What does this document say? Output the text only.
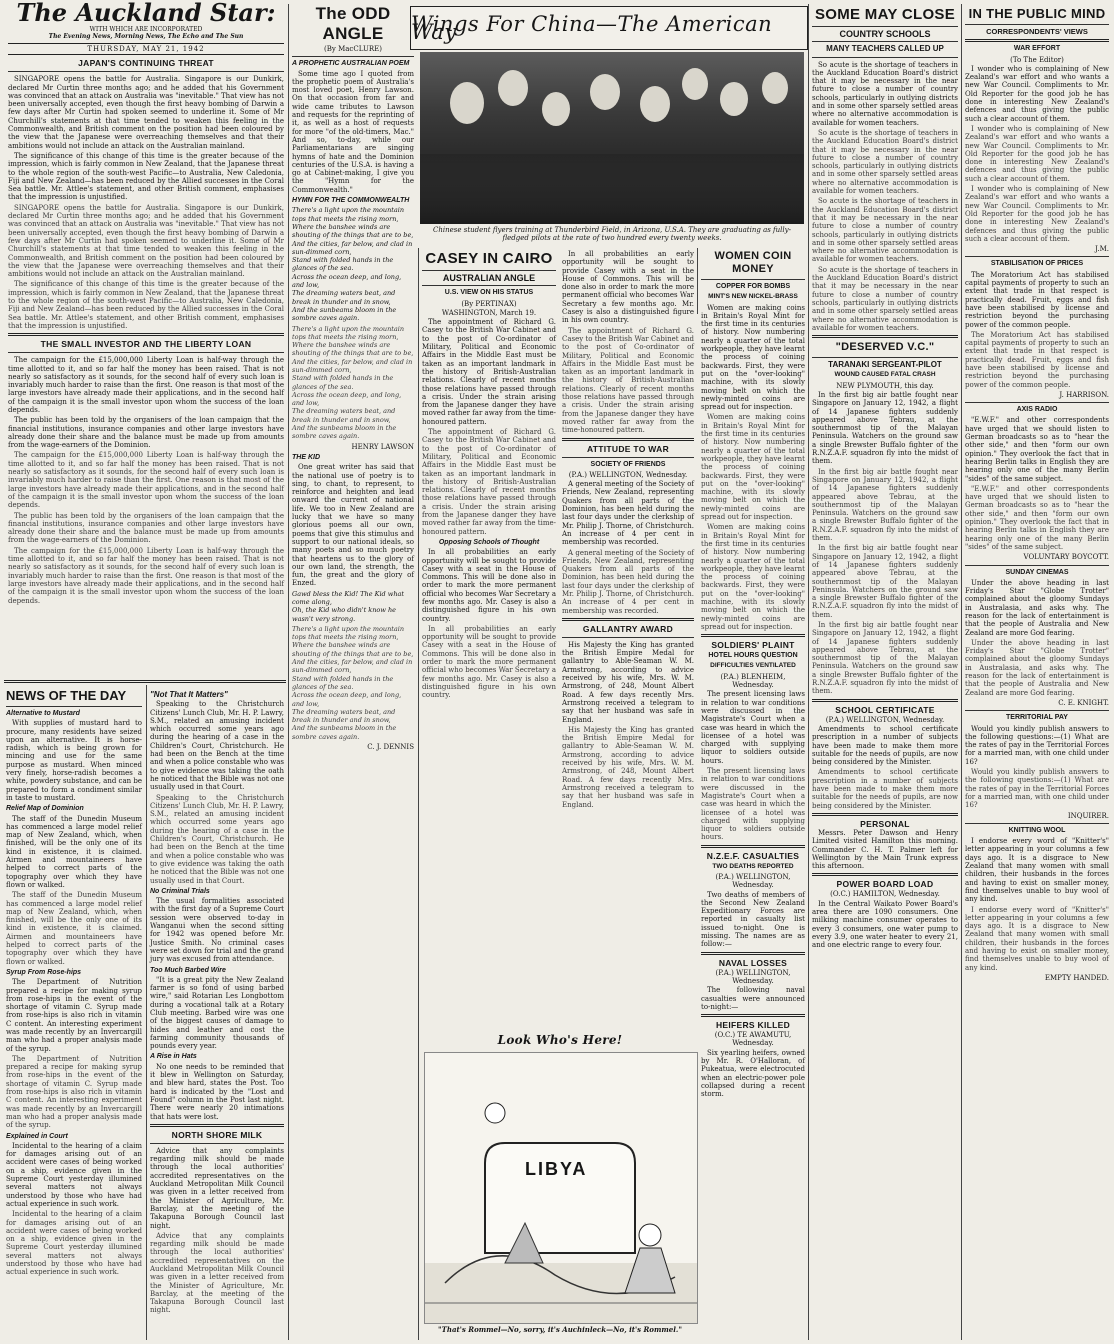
The Auckland Star:
WITH WHICH ARE INCORPORATED
The Evening News, Morning News, The Echo and The Sun
THURSDAY, MAY 21, 1942
JAPAN'S CONTINUING THREAT

SINGAPORE opens the battle for Australia. Singapore is our Dunkirk, declared Mr Curtin three months ago; and he added that his Government was convinced that an attack on Australia was "inevitable." That view has not been universally accepted, even though the first heavy bombing of Darwin a few days after Mr Curtin had spoken seemed to underline it. Some of Mr Churchill's statements at that time tended to weaken this feeling in the Commonwealth, and British comment on the position had been coloured by the view that the Japanese were overreaching themselves and that their ambitions would not include an attack on the Australian mainland.

The significance of this change of this time is the greater because of the impression, which is fairly common in New Zealand, that the Japanese threat to the whole region of the south-west Pacific—to Australia, New Caledonia, Fiji and New Zealand—has been reduced by the Allied successes in the Coral Sea battle. Mr. Attlee's statement, and other British comment, emphasises that the impression is unjustified.

SINGAPORE opens the battle for Australia. Singapore is our Dunkirk, declared Mr Curtin three months ago; and he added that his Government was convinced that an attack on Australia was "inevitable." That view has not been universally accepted, even though the first heavy bombing of Darwin a few days after Mr Curtin had spoken seemed to underline it. Some of Mr Churchill's statements at that time tended to weaken this feeling in the Commonwealth, and British comment on the position had been coloured by the view that the Japanese were overreaching themselves and that their ambitions would not include an attack on the Australian mainland.

The significance of this change of this time is the greater because of the impression, which is fairly common in New Zealand, that the Japanese threat to the whole region of the south-west Pacific—to Australia, New Caledonia, Fiji and New Zealand—has been reduced by the Allied successes in the Coral Sea battle. Mr. Attlee's statement, and other British comment, emphasises that the impression is unjustified.

THE SMALL INVESTOR AND THE LIBERTY LOAN

The campaign for the £15,000,000 Liberty Loan is half-way through the time allotted to it, and so far half the money has been raised. That is not nearly so satisfactory as it sounds, for the second half of every such loan is invariably much harder to raise than the first. One reason is that most of the large investors have already made their applications, and in the second half of the campaign it is the small investor upon whom the success of the loan depends.

The public has been told by the organisers of the loan campaign that the financial institutions, insurance companies and other large investors have already done their share and the balance must be made up from amounts from the wage-earners of the Dominion.

The campaign for the £15,000,000 Liberty Loan is half-way through the time allotted to it, and so far half the money has been raised. That is not nearly so satisfactory as it sounds, for the second half of every such loan is invariably much harder to raise than the first. One reason is that most of the large investors have already made their applications, and in the second half of the campaign it is the small investor upon whom the success of the loan depends.

The public has been told by the organisers of the loan campaign that the financial institutions, insurance companies and other large investors have already done their share and the balance must be made up from amounts from the wage-earners of the Dominion.

The campaign for the £15,000,000 Liberty Loan is half-way through the time allotted to it, and so far half the money has been raised. That is not nearly so satisfactory as it sounds, for the second half of every such loan is invariably much harder to raise than the first. One reason is that most of the large investors have already made their applications, and in the second half of the campaign it is the small investor upon whom the success of the loan depends.

NEWS OF THE DAY
Alternative to Mustard

With supplies of mustard hard to procure, many residents have seized upon an alternative. It is horse-radish, which is being grown for mincing and use for the same purpose as mustard. When minced very finely, horse-radish becomes a white, powdery substance, and can be prepared to form a condiment similar in taste to mustard.

Relief Map of Dominion

The staff of the Dunedin Museum has commenced a large model relief map of New Zealand, which, when finished, will be the only one of its kind in existence, it is claimed. Airmen and mountaineers have helped to correct parts of the topography over which they have flown or walked.

The staff of the Dunedin Museum has commenced a large model relief map of New Zealand, which, when finished, will be the only one of its kind in existence, it is claimed. Airmen and mountaineers have helped to correct parts of the topography over which they have flown or walked.

Syrup From Rose-hips

The Department of Nutrition prepared a recipe for making syrup from rose-hips in the event of the shortage of vitamin C. Syrup made from rose-hips is also rich in vitamin C content. An interesting experiment was made recently by an Invercargill man who had a proper analysis made of the syrup.

The Department of Nutrition prepared a recipe for making syrup from rose-hips in the event of the shortage of vitamin C. Syrup made from rose-hips is also rich in vitamin C content. An interesting experiment was made recently by an Invercargill man who had a proper analysis made of the syrup.

Explained in Court

Incidental to the hearing of a claim for damages arising out of an accident were cases of being worked on a ship, evidence given in the Supreme Court yesterday illumined several matters not always understood by those who have had actual experience in such work.

Incidental to the hearing of a claim for damages arising out of an accident were cases of being worked on a ship, evidence given in the Supreme Court yesterday illumined several matters not always understood by those who have had actual experience in such work.

"Not That It Matters"

Speaking to the Christchurch Citizens' Lunch Club, Mr. H. P. Lawry, S.M., related an amusing incident which occurred some years ago during the hearing of a case in the Children's Court, Christchurch. He had been on the Bench at the time and when a police constable who was to give evidence was taking the oath he noticed that the Bible was not one usually used in that Court.

Speaking to the Christchurch Citizens' Lunch Club, Mr. H. P. Lawry, S.M., related an amusing incident which occurred some years ago during the hearing of a case in the Children's Court, Christchurch. He had been on the Bench at the time and when a police constable who was to give evidence was taking the oath he noticed that the Bible was not one usually used in that Court.

No Criminal Trials

The usual formalities associated with the first day of a Supreme Court session were observed to-day in Wanganui when the second sitting for 1942 was opened before Mr. Justice Smith. No criminal cases were set down for trial and the grand jury was excused from attendance.

Too Much Barbed Wire

"It is a great pity the New Zealand farmer is so fond of using barbed wire," said Rotarian Les Longbottom during a vocational talk at a Rotary Club meeting. Barbed wire was one of the biggest causes of damage to hides and leather and cost the farming community thousands of pounds every year.

A Rise in Hats

No one needs to be reminded that it blew in Wellington on Saturday, and blew hard, states the Post. Too hard is indicated by the "Lost and Found" column in the Post last night. There were nearly 20 intimations that hats were lost.

NORTH SHORE MILK

Advice that any complaints regarding milk should be made through the local authorities' accredited representatives on the Auckland Metropolitan Milk Council was given in a letter received from the Minister of Agriculture, Mr. Barclay, at the meeting of the Takapuna Borough Council last night.

Advice that any complaints regarding milk should be made through the local authorities' accredited representatives on the Auckland Metropolitan Milk Council was given in a letter received from the Minister of Agriculture, Mr. Barclay, at the meeting of the Takapuna Borough Council last night.

The ODD ANGLE
(By MacCLURE)
A PROPHETIC AUSTRALIAN POEM

Some time ago I quoted from the prophetic poem of Australia's most loved poet, Henry Lawson. On that occasion from far and wide came tributes to Lawson and requests for the reprinting of it, as well as a host of requests for more "of the old-timers, Mac." And so, to-day, while our Parliamentarians are singing hymns of hate and the Dominion centuries of the U.S.A. is having a go at Cabinet-making, I give you the "Hymn for the Commonwealth."

HYMN FOR THE COMMONWEALTH

There's a light upon the mountain tops that meets the rising morn,
Where the banshee winds are shouting of the things that are to be,
And the cities, far below, and clad in sun-dimmed corn,
Stand with folded hands in the glances of the sea.
Across the ocean deep, and long, and low,
The dreaming waters beat, and break in thunder and in snow,
And the sunbeams bloom in the sombre caves again.

There's a light upon the mountain tops that meets the rising morn,
Where the banshee winds are shouting of the things that are to be,
And the cities, far below, and clad in sun-dimmed corn,
Stand with folded hands in the glances of the sea.
Across the ocean deep, and long, and low,
The dreaming waters beat, and break in thunder and in snow,
And the sunbeams bloom in the sombre caves again.

HENRY LAWSON
THE KID

One great writer has said that the national use of poetry is to sing, to chant, to represent, to reinforce and heighten and lead onward the current of national life. We too in New Zealand are lucky that we have so many glorious poems all our own, poems that give this stimulus and support to our national ideals, so many poets and so much poetry that heartens us to the glory of our own land, the strength, the fun, the great and the glory of Enzed.

Gawd bless the Kid! The Kid what come along,
Oh, the Kid who didn't know he wasn't very strong.

There's a light upon the mountain tops that meets the rising morn,
Where the banshee winds are shouting of the things that are to be,
And the cities, far below, and clad in sun-dimmed corn,
Stand with folded hands in the glances of the sea.
Across the ocean deep, and long, and low,
The dreaming waters beat, and break in thunder and in snow,
And the sunbeams bloom in the sombre caves again.

C. J. DENNIS
Wings For China—The American Way
Chinese student flyers training at Thunderbird Field, in Arizona, U.S.A. They are graduating as fully-fledged pilots at the rate of two hundred every twenty weeks.
CASEY IN CAIRO
AUSTRALIAN ANGLE
U.S. VIEW ON HIS STATUS
(By PERTINAX)
WASHINGTON, March 19.

The appointment of Richard G. Casey to the British War Cabinet and to the post of Co-ordinator of Military, Political and Economic Affairs in the Middle East must be taken as an important landmark in the history of British-Australian relations. Clearly of recent months those relations have passed through a crisis. Under the strain arising from the Japanese danger they have moved rather far away from the time-honoured pattern.

The appointment of Richard G. Casey to the British War Cabinet and to the post of Co-ordinator of Military, Political and Economic Affairs in the Middle East must be taken as an important landmark in the history of British-Australian relations. Clearly of recent months those relations have passed through a crisis. Under the strain arising from the Japanese danger they have moved rather far away from the time-honoured pattern.

Opposing Schools of Thought

In all probabilities an early opportunity will be sought to provide Casey with a seat in the House of Commons. This will be done also in order to mark the more permanent official who becomes War Secretary a few months ago. Mr. Casey is also a distinguished figure in his own country.

In all probabilities an early opportunity will be sought to provide Casey with a seat in the House of Commons. This will be done also in order to mark the more permanent official who becomes War Secretary a few months ago. Mr. Casey is also a distinguished figure in his own country.

In all probabilities an early opportunity will be sought to provide Casey with a seat in the House of Commons. This will be done also in order to mark the more permanent official who becomes War Secretary a few months ago. Mr. Casey is also a distinguished figure in his own country.

The appointment of Richard G. Casey to the British War Cabinet and to the post of Co-ordinator of Military, Political and Economic Affairs in the Middle East must be taken as an important landmark in the history of British-Australian relations. Clearly of recent months those relations have passed through a crisis. Under the strain arising from the Japanese danger they have moved rather far away from the time-honoured pattern.

ATTITUDE TO WAR
SOCIETY OF FRIENDS
(P.A.) WELLINGTON, Wednesday.

A general meeting of the Society of Friends, New Zealand, representing Quakers from all parts of the Dominion, has been held during the last four days under the clerkship of Mr. Philip J. Thorne, of Christchurch. An increase of 4 per cent in membership was recorded.

A general meeting of the Society of Friends, New Zealand, representing Quakers from all parts of the Dominion, has been held during the last four days under the clerkship of Mr. Philip J. Thorne, of Christchurch. An increase of 4 per cent in membership was recorded.

GALLANTRY AWARD

His Majesty the King has granted the British Empire Medal for gallantry to Able-Seaman W. M. Armstrong, according to advice received by his wife, Mrs. W. M. Armstrong, of 248, Mount Albert Road. A few days recently Mrs. Armstrong received a telegram to say that her husband was safe in England.

His Majesty the King has granted the British Empire Medal for gallantry to Able-Seaman W. M. Armstrong, according to advice received by his wife, Mrs. W. M. Armstrong, of 248, Mount Albert Road. A few days recently Mrs. Armstrong received a telegram to say that her husband was safe in England.

Look Who's Here!
LIBYA
"That's Rommel—No, sorry, it's Auchinleck—No, it's Rommel."
WOMEN COIN MONEY
COPPER FOR BOMBS
MINT'S NEW NICKEL-BRASS

Women are making coins in Britain's Royal Mint for the first time in its centuries of history. Now numbering nearly a quarter of the total workpeople, they have learnt the process of coining backwards. First, they were put on the "over-looking" machine, with its slowly moving belt on which the newly-minted coins are spread out for inspection.

Women are making coins in Britain's Royal Mint for the first time in its centuries of history. Now numbering nearly a quarter of the total workpeople, they have learnt the process of coining backwards. First, they were put on the "over-looking" machine, with its slowly moving belt on which the newly-minted coins are spread out for inspection.

Women are making coins in Britain's Royal Mint for the first time in its centuries of history. Now numbering nearly a quarter of the total workpeople, they have learnt the process of coining backwards. First, they were put on the "over-looking" machine, with its slowly moving belt on which the newly-minted coins are spread out for inspection.

SOLDIERS' PLAINT
HOTEL HOURS QUESTION
DIFFICULTIES VENTILATED
(P.A.) BLENHEIM, Wednesday.

The present licensing laws in relation to war conditions were discussed in the Magistrate's Court when a case was heard in which the licensee of a hotel was charged with supplying liquor to soldiers outside hours.

The present licensing laws in relation to war conditions were discussed in the Magistrate's Court when a case was heard in which the licensee of a hotel was charged with supplying liquor to soldiers outside hours.

N.Z.E.F. CASUALTIES
TWO DEATHS REPORTED
(P.A.) WELLINGTON, Wednesday.

Two deaths of members of the Second New Zealand Expeditionary Forces are reported in casualty list issued to-night. One is missing. The names are as follow:—

NAVAL LOSSES
(P.A.) WELLINGTON, Wednesday.

The following naval casualties were announced to-night:—

HEIFERS KILLED
(O.C.) TE AWAMUTU, Wednesday.

Six yearling heifers, owned by Mr. R. O'Halloran, of Pukeatua, were electrocuted when an electric-power pole collapsed during a recent storm.

SOME MAY CLOSE
COUNTRY SCHOOLS
MANY TEACHERS CALLED UP

So acute is the shortage of teachers in the Auckland Education Board's district that it may be necessary in the near future to close a number of country schools, particularly in outlying districts and in some other sparsely settled areas where no alternative accommodation is available for women teachers.

So acute is the shortage of teachers in the Auckland Education Board's district that it may be necessary in the near future to close a number of country schools, particularly in outlying districts and in some other sparsely settled areas where no alternative accommodation is available for women teachers.

So acute is the shortage of teachers in the Auckland Education Board's district that it may be necessary in the near future to close a number of country schools, particularly in outlying districts and in some other sparsely settled areas where no alternative accommodation is available for women teachers.

So acute is the shortage of teachers in the Auckland Education Board's district that it may be necessary in the near future to close a number of country schools, particularly in outlying districts and in some other sparsely settled areas where no alternative accommodation is available for women teachers.

"DESERVED V.C."
TARANAKI SERGEANT-PILOT
WOUND CAUSED FATAL CRASH
NEW PLYMOUTH, this day.

In the first big air battle fought near Singapore on January 12, 1942, a flight of 14 Japanese fighters suddenly appeared above Tebrau, at the southernmost tip of the Malayan Peninsula. Watchers on the ground saw a single Brewster Buffalo fighter of the R.N.Z.A.F. squadron fly into the midst of them.

In the first big air battle fought near Singapore on January 12, 1942, a flight of 14 Japanese fighters suddenly appeared above Tebrau, at the southernmost tip of the Malayan Peninsula. Watchers on the ground saw a single Brewster Buffalo fighter of the R.N.Z.A.F. squadron fly into the midst of them.

In the first big air battle fought near Singapore on January 12, 1942, a flight of 14 Japanese fighters suddenly appeared above Tebrau, at the southernmost tip of the Malayan Peninsula. Watchers on the ground saw a single Brewster Buffalo fighter of the R.N.Z.A.F. squadron fly into the midst of them.

In the first big air battle fought near Singapore on January 12, 1942, a flight of 14 Japanese fighters suddenly appeared above Tebrau, at the southernmost tip of the Malayan Peninsula. Watchers on the ground saw a single Brewster Buffalo fighter of the R.N.Z.A.F. squadron fly into the midst of them.

SCHOOL CERTIFICATE
(P.A.) WELLINGTON, Wednesday.

Amendments to school certificate prescription in a number of subjects have been made to make them more suitable for the needs of pupils, are now being considered by the Minister.

Amendments to school certificate prescription in a number of subjects have been made to make them more suitable for the needs of pupils, are now being considered by the Minister.

PERSONAL

Messrs. Peter Dawson and Henry Limited visited Hamilton this morning. Commander C. H. T. Palmer left for Wellington by the Main Trunk express this afternoon.

POWER BOARD LOAD
(O.C.) HAMILTON, Wednesday.

In the Central Waikato Power Board's area there are 1090 consumers. One milking machine consumer operates to every 3 consumers, one water pump to every 3.9, one water heater to every 21, and one electric range to every four.

IN THE PUBLIC MIND
CORRESPONDENTS' VIEWS
WAR EFFORT
(To The Editor)

I wonder who is complaining of New Zealand's war effort and who wants a new War Council. Compliments to Mr. Old Reporter for the good job he has done in interesting New Zealand's defences and thus giving the public such a clear account of them.

I wonder who is complaining of New Zealand's war effort and who wants a new War Council. Compliments to Mr. Old Reporter for the good job he has done in interesting New Zealand's defences and thus giving the public such a clear account of them.

I wonder who is complaining of New Zealand's war effort and who wants a new War Council. Compliments to Mr. Old Reporter for the good job he has done in interesting New Zealand's defences and thus giving the public such a clear account of them.

J.M.
STABILISATION OF PRICES

The Moratorium Act has stabilised capital payments of property to such an extent that trade in that respect is practically dead. Fruit, eggs and fish have been stabilised by license and restriction beyond the purchasing power of the common people.

The Moratorium Act has stabilised capital payments of property to such an extent that trade in that respect is practically dead. Fruit, eggs and fish have been stabilised by license and restriction beyond the purchasing power of the common people.

J. HARRISON.
AXIS RADIO

"E.W.F." and other correspondents have urged that we should listen to German broadcasts so as to "hear the other side," and then "form our own opinion." They overlook the fact that in hearing Berlin talks in English they are hearing only one of the many Berlin "sides" of the same subject.

"E.W.F." and other correspondents have urged that we should listen to German broadcasts so as to "hear the other side," and then "form our own opinion." They overlook the fact that in hearing Berlin talks in English they are hearing only one of the many Berlin "sides" of the same subject.

VOLUNTARY BOYCOTT.
SUNDAY CINEMAS

Under the above heading in last Friday's Star "Globe Trotter" complained about the gloomy Sundays in Australasia, and asks why. The reason for the lack of entertainment is that the people of Australia and New Zealand are more God fearing.

Under the above heading in last Friday's Star "Globe Trotter" complained about the gloomy Sundays in Australasia, and asks why. The reason for the lack of entertainment is that the people of Australia and New Zealand are more God fearing.

C. E. KNIGHT.
TERRITORIAL PAY

Would you kindly publish answers to the following questions:—(1) What are the rates of pay in the Territorial Forces for a married man, with one child under 16?

Would you kindly publish answers to the following questions:—(1) What are the rates of pay in the Territorial Forces for a married man, with one child under 16?

INQUIRER.
KNITTING WOOL

I endorse every word of "Knitter's" letter appearing in your columns a few days ago. It is a disgrace to New Zealand that many women with small children, their husbands in the forces and having to exist on smaller money, find themselves unable to buy wool of any kind.

I endorse every word of "Knitter's" letter appearing in your columns a few days ago. It is a disgrace to New Zealand that many women with small children, their husbands in the forces and having to exist on smaller money, find themselves unable to buy wool of any kind.

EMPTY HANDED.
